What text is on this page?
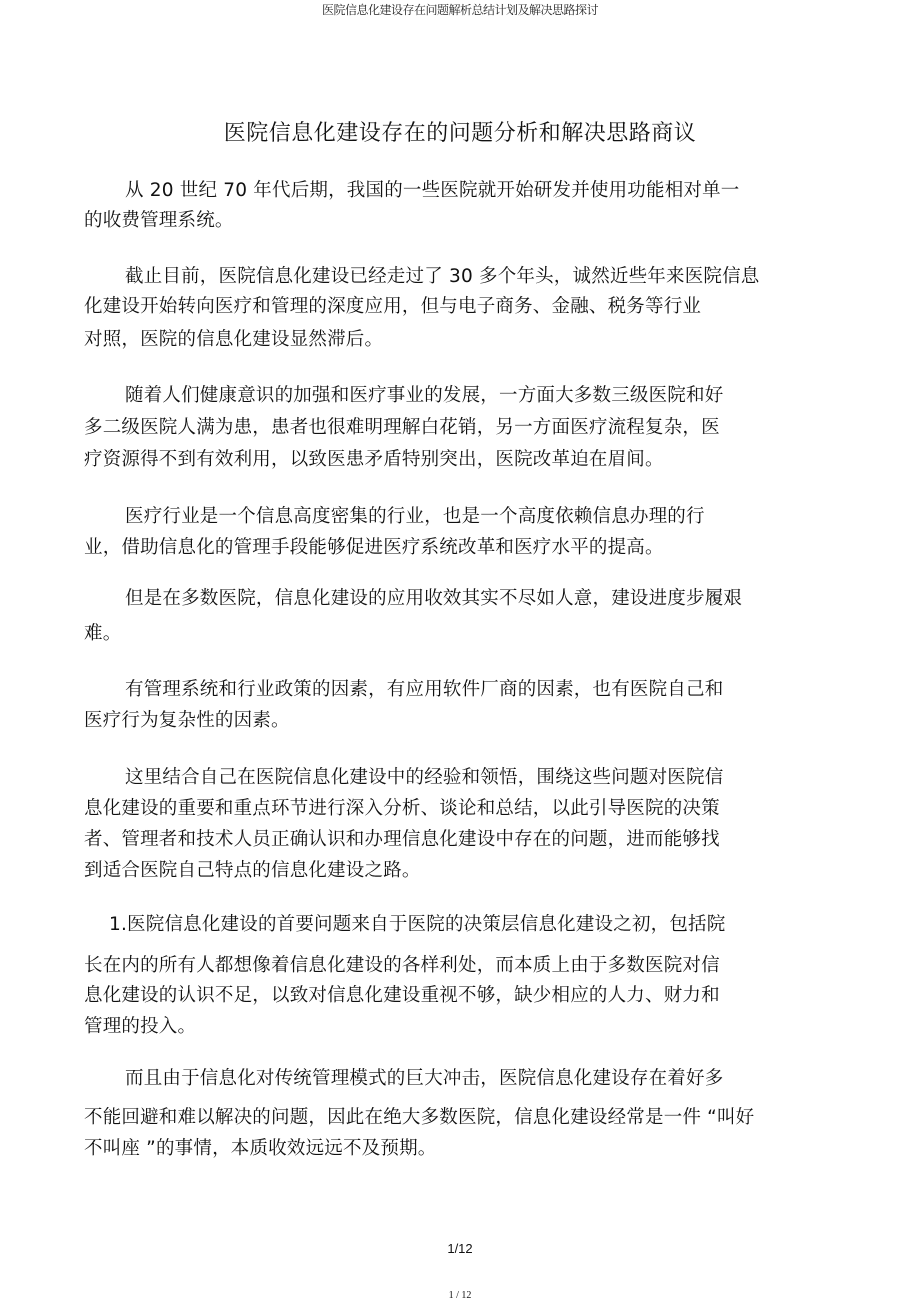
医院信息化建设存在问题解析总结计划及解决思路探讨
医院信息化建设存在的问题分析和解决思路商议
从 20 世纪 70 年代后期，我国的一些医院就开始研发并使用功能相对单一
的收费管理系统。
截止目前，医院信息化建设已经走过了 30 多个年头，诚然近些年来医院信息
化建设开始转向医疗和管理的深度应用，但与电子商务、金融、税务等行业
对照，医院的信息化建设显然滞后。
随着人们健康意识的加强和医疗事业的发展，一方面大多数三级医院和好
多二级医院人满为患，患者也很难明理解白花销，另一方面医疗流程复杂，医
疗资源得不到有效利用，以致医患矛盾特别突出，医院改革迫在眉间。
医疗行业是一个信息高度密集的行业，也是一个高度依赖信息办理的行
业，借助信息化的管理手段能够促进医疗系统改革和医疗水平的提高。
但是在多数医院，信息化建设的应用收效其实不尽如人意，建设进度步履艰
难。
有管理系统和行业政策的因素，有应用软件厂商的因素，也有医院自己和
医疗行为复杂性的因素。
这里结合自己在医院信息化建设中的经验和领悟，围绕这些问题对医院信
息化建设的重要和重点环节进行深入分析、谈论和总结，以此引导医院的决策
者、管理者和技术人员正确认识和办理信息化建设中存在的问题，进而能够找
到适合医院自己特点的信息化建设之路。
1.医院信息化建设的首要问题来自于医院的决策层信息化建设之初，包括院
长在内的所有人都想像着信息化建设的各样利处，而本质上由于多数医院对信
息化建设的认识不足，以致对信息化建设重视不够，缺少相应的人力、财力和
管理的投入。
而且由于信息化对传统管理模式的巨大冲击，医院信息化建设存在着好多
不能回避和难以解决的问题，因此在绝大多数医院，信息化建设经常是一件 “叫好
不叫座 ”的事情，本质收效远远不及预期。
1/12
1 / 12
